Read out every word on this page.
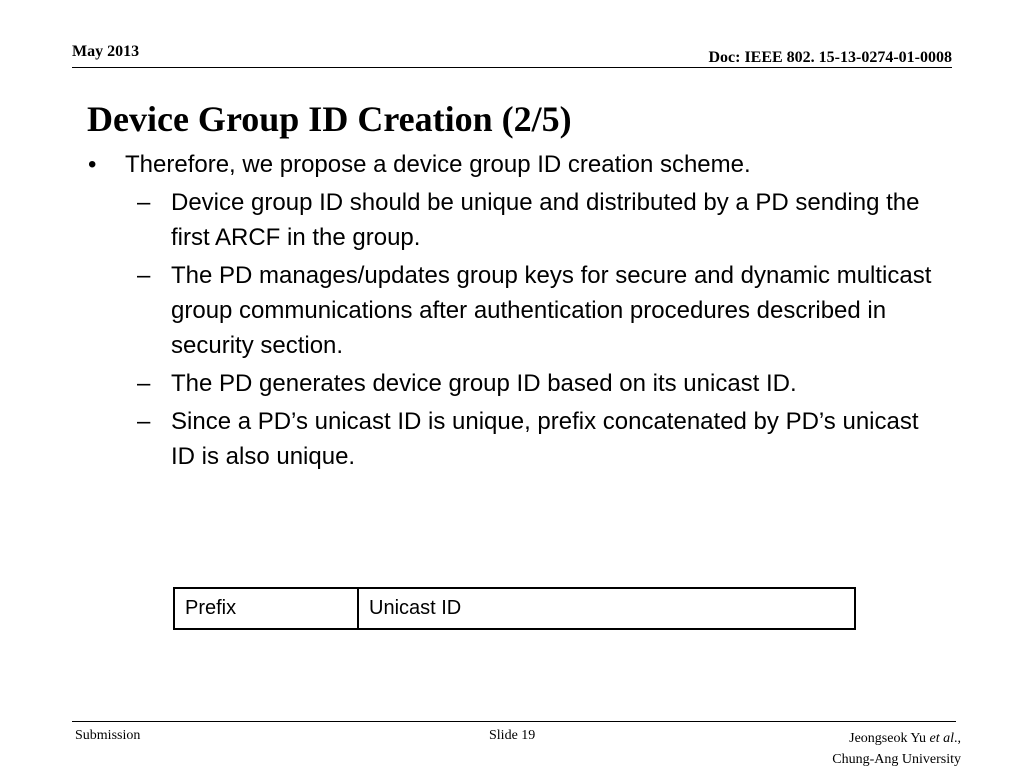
May 2013	Doc: IEEE 802. 15-13-0274-01-0008
Device Group ID Creation (2/5)
• Therefore, we propose a device group ID creation scheme.
– Device group ID should be unique and distributed by a PD sending the first ARCF in the group.
– The PD manages/updates group keys for secure and dynamic multicast group communications after authentication procedures described in security section.
– The PD generates device group ID based on its unicast ID.
– Since a PD’s unicast ID is unique, prefix concatenated by PD’s unicast ID is also unique.
Prefix	Unicast ID
Submission	Slide 19	Jeongseok Yu et al.,
Chung-Ang University
